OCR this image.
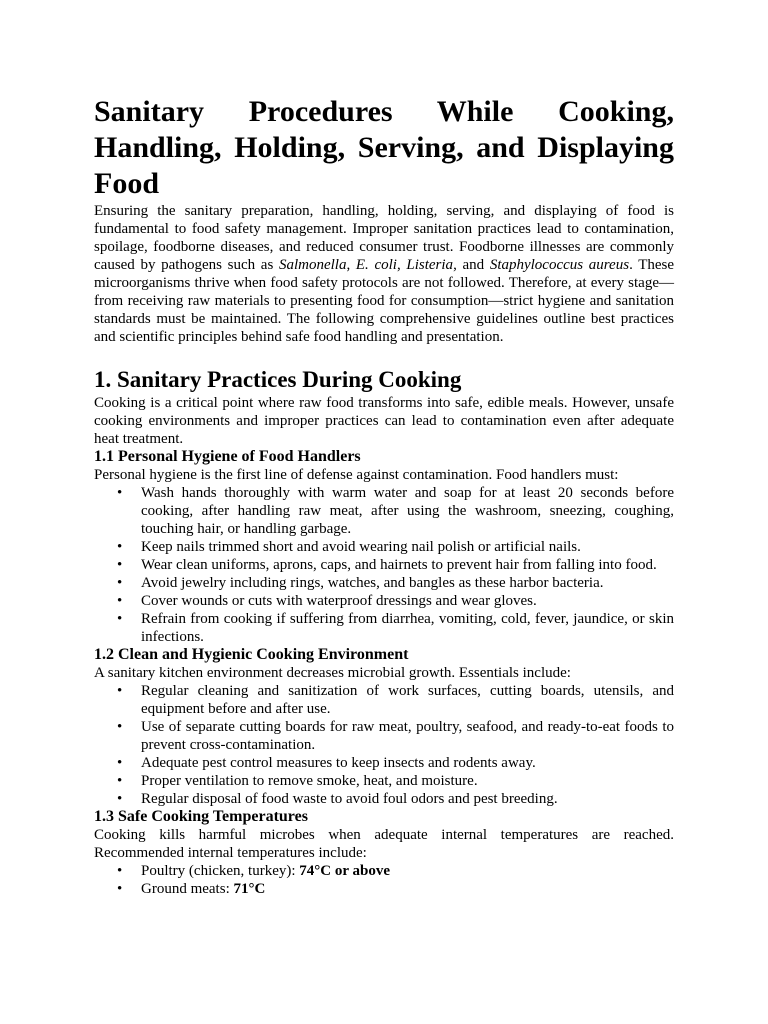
Sanitary Procedures While Cooking, Handling, Holding, Serving, and Displaying Food

Ensuring the sanitary preparation, handling, holding, serving, and displaying of food is fundamental to food safety management. Improper sanitation practices lead to contamination, spoilage, foodborne diseases, and reduced consumer trust. Foodborne illnesses are commonly caused by pathogens such as Salmonella, E. coli, Listeria, and Staphylococcus aureus. These microorganisms thrive when food safety protocols are not followed. Therefore, at every stage—from receiving raw materials to presenting food for consumption—strict hygiene and sanitation standards must be maintained. The following comprehensive guidelines outline best practices and scientific principles behind safe food handling and presentation.

1. Sanitary Practices During Cooking

Cooking is a critical point where raw food transforms into safe, edible meals. However, unsafe cooking environments and improper practices can lead to contamination even after adequate heat treatment.

1.1 Personal Hygiene of Food Handlers

Personal hygiene is the first line of defense against contamination. Food handlers must:

• Wash hands thoroughly with warm water and soap for at least 20 seconds before cooking, after handling raw meat, after using the washroom, sneezing, coughing, touching hair, or handling garbage.
• Keep nails trimmed short and avoid wearing nail polish or artificial nails.
• Wear clean uniforms, aprons, caps, and hairnets to prevent hair from falling into food.
• Avoid jewelry including rings, watches, and bangles as these harbor bacteria.
• Cover wounds or cuts with waterproof dressings and wear gloves.
• Refrain from cooking if suffering from diarrhea, vomiting, cold, fever, jaundice, or skin infections.
1.2 Clean and Hygienic Cooking Environment

A sanitary kitchen environment decreases microbial growth. Essentials include:

• Regular cleaning and sanitization of work surfaces, cutting boards, utensils, and equipment before and after use.
• Use of separate cutting boards for raw meat, poultry, seafood, and ready-to-eat foods to prevent cross-contamination.
• Adequate pest control measures to keep insects and rodents away.
• Proper ventilation to remove smoke, heat, and moisture.
• Regular disposal of food waste to avoid foul odors and pest breeding.
1.3 Safe Cooking Temperatures

Cooking kills harmful microbes when adequate internal temperatures are reached. Recommended internal temperatures include:

• Poultry (chicken, turkey): 74°C or above
• Ground meats: 71°C
